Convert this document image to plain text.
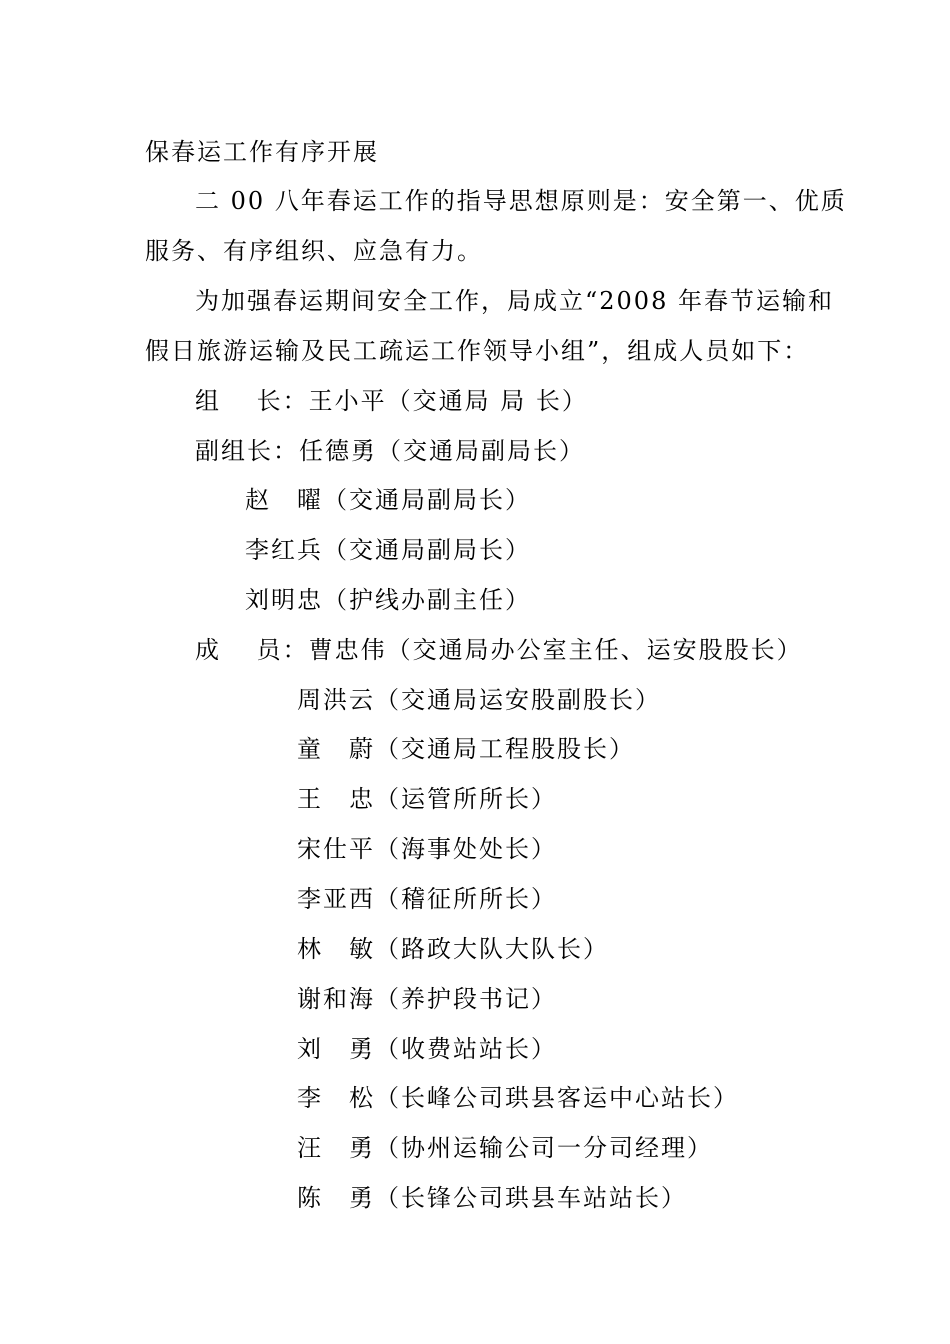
保春运工作有序开展
二 00 八年春运工作的指导思想原则是：安全第一、优质
服务、有序组织、应急有力。
为加强春运期间安全工作，局成立“2008 年春节运输和
假日旅游运输及民工疏运工作领导小组”，组成人员如下：
组　 长：王小平（交通局 局 长）
副组长：任德勇（交通局副局长）
赵　曜（交通局副局长）
李红兵（交通局副局长）
刘明忠（护线办副主任）
成　 员：曹忠伟（交通局办公室主任、运安股股长）
周洪云（交通局运安股副股长）
童　蔚（交通局工程股股长）
王　忠（运管所所长）
宋仕平（海事处处长）
李亚西（稽征所所长）
林　敏（路政大队大队长）
谢和海（养护段书记）
刘　勇（收费站站长）
李　松（长峰公司珙县客运中心站长）
汪　勇（协州运输公司一分司经理）
陈　勇（长锋公司珙县车站站长）
